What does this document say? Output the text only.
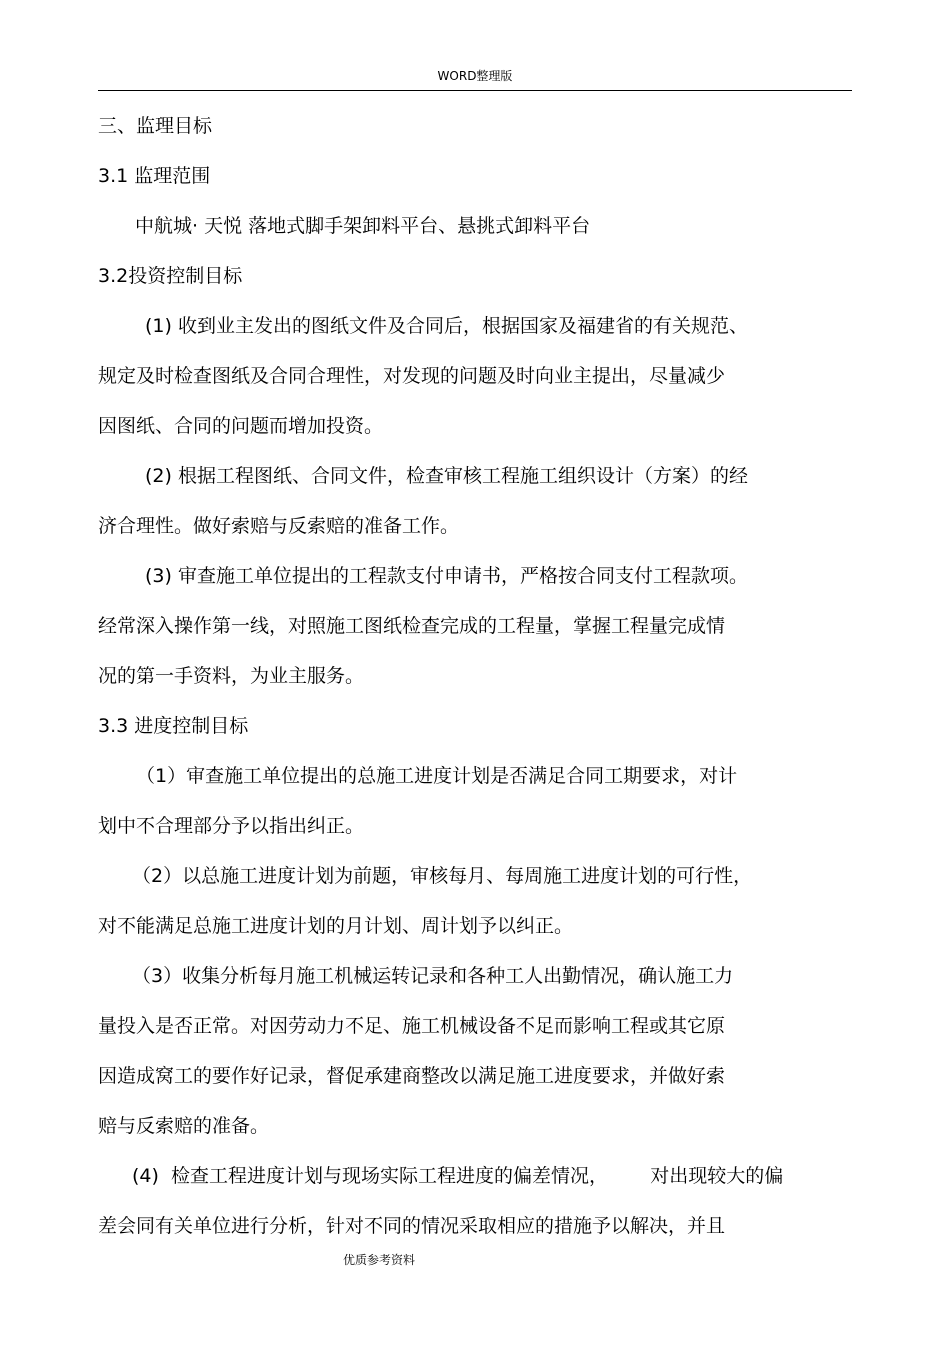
WORD整理版
三、监理目标
3.1 监理范围
中航城· 天悦 落地式脚手架卸料平台、悬挑式卸料平台
3.2投资控制目标
(1) 收到业主发出的图纸文件及合同后，根据国家及福建省的有关规范、
规定及时检查图纸及合同合理性，对发现的问题及时向业主提出，尽量减少
因图纸、合同的问题而增加投资。
(2) 根据工程图纸、合同文件，检查审核工程施工组织设计（方案）的经
济合理性。做好索赔与反索赔的准备工作。
(3) 审查施工单位提出的工程款支付申请书，严格按合同支付工程款项。
经常深入操作第一线，对照施工图纸检查完成的工程量，掌握工程量完成情
况的第一手资料，为业主服务。
3.3 进度控制目标
（1）审查施工单位提出的总施工进度计划是否满足合同工期要求，对计
划中不合理部分予以指出纠正。
（2）以总施工进度计划为前题，审核每月、每周施工进度计划的可行性，
对不能满足总施工进度计划的月计划、周计划予以纠正。
（3）收集分析每月施工机械运转记录和各种工人出勤情况，确认施工力
量投入是否正常。对因劳动力不足、施工机械设备不足而影响工程或其它原
因造成窝工的要作好记录，督促承建商整改以满足施工进度要求，并做好索
赔与反索赔的准备。
(4)  检查工程进度计划与现场实际工程进度的偏差情况，       对出现较大的偏
差会同有关单位进行分析，针对不同的情况采取相应的措施予以解决，并且
优质参考资料
